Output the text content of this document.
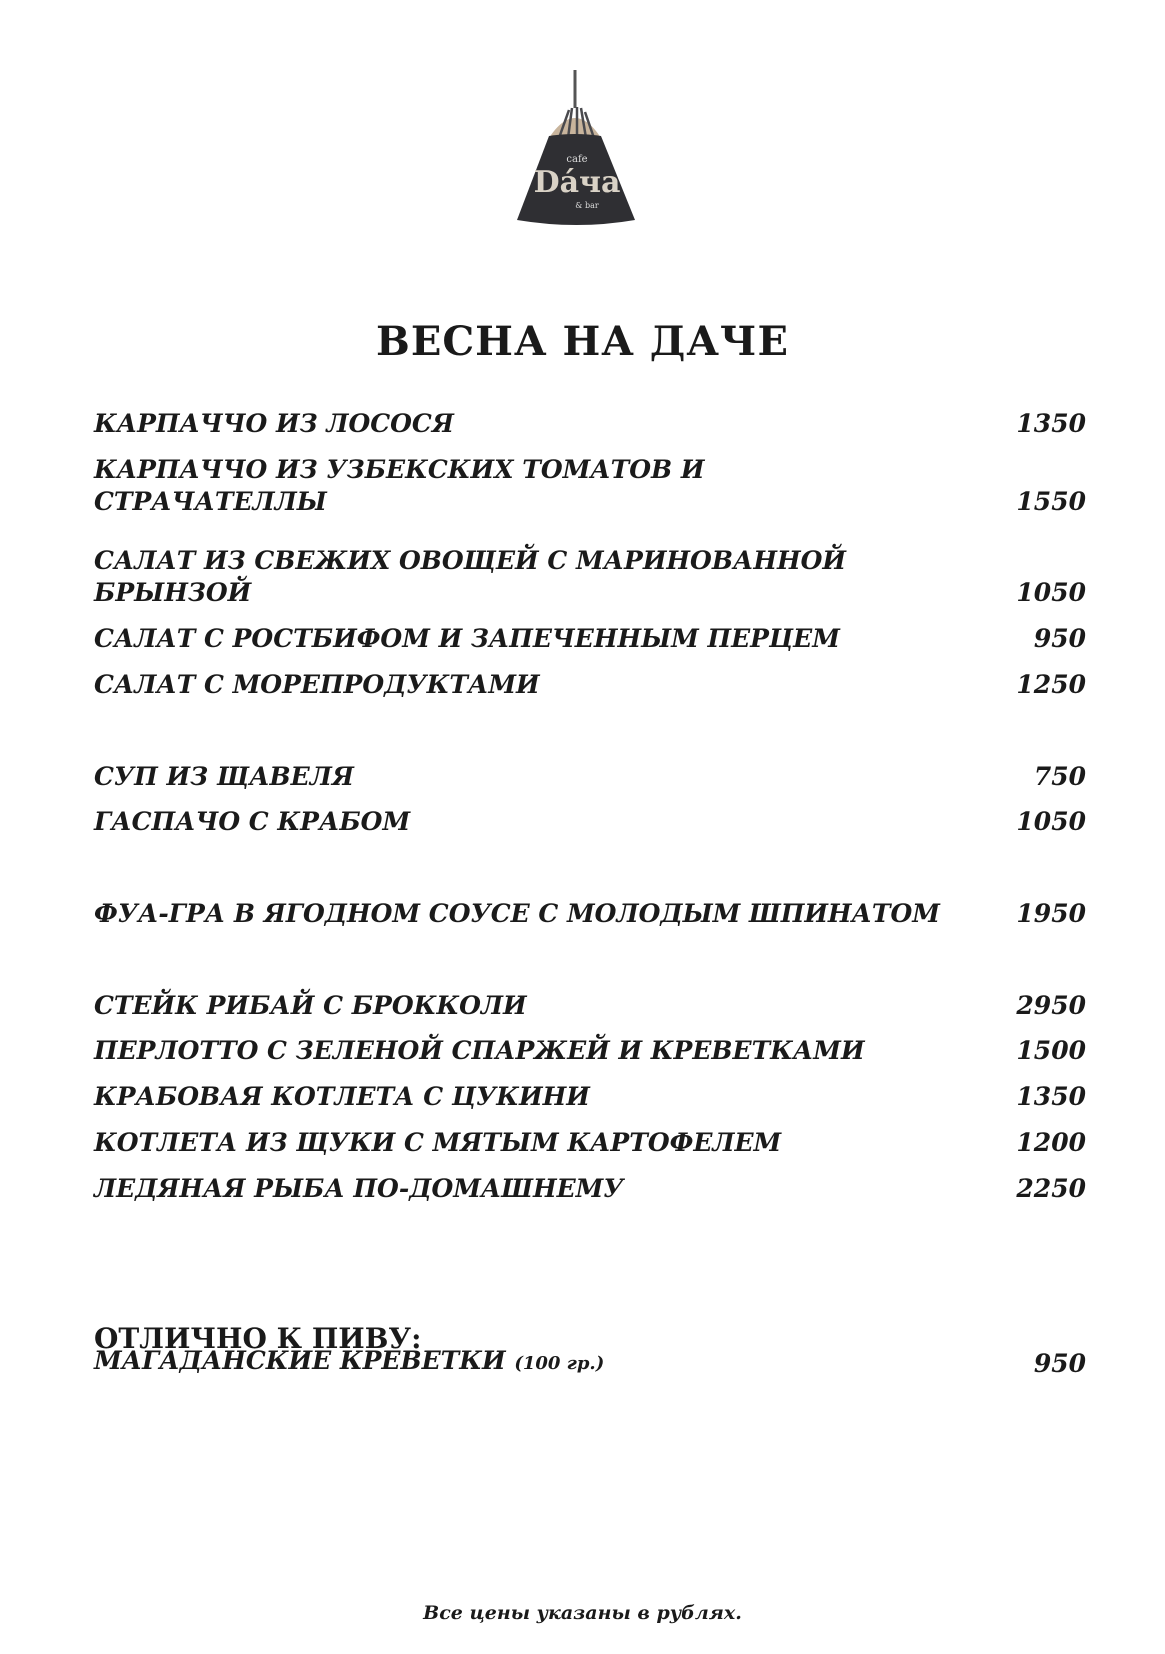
cafe
Dáча
& bar
ВЕСНА НА ДАЧЕ
КАРПАЧЧО ИЗ ЛОСОСЯ	1350
КАРПАЧЧО ИЗ УЗБЕКСКИХ ТОМАТОВ И СТРАЧАТЕЛЛЫ	1550
САЛАТ ИЗ СВЕЖИХ ОВОЩЕЙ С МАРИНОВАННОЙ БРЫНЗОЙ	1050
САЛАТ С РОСТБИФОМ И ЗАПЕЧЕННЫМ ПЕРЦЕМ	950
САЛАТ С МОРЕПРОДУКТАМИ	1250
СУП ИЗ ЩАВЕЛЯ	750
ГАСПАЧО С КРАБОМ	1050
ФУА-ГРА В ЯГОДНОМ СОУСЕ С МОЛОДЫМ ШПИНАТОМ	1950
СТЕЙК РИБАЙ С БРОККОЛИ	2950
ПЕРЛОТТО С ЗЕЛЕНОЙ СПАРЖЕЙ И КРЕВЕТКАМИ	1500
КРАБОВАЯ КОТЛЕТА С ЦУКИНИ	1350
КОТЛЕТА ИЗ ЩУКИ С МЯТЫМ КАРТОФЕЛЕМ	1200
ЛЕДЯНАЯ РЫБА ПО-ДОМАШНЕМУ	2250
ОТЛИЧНО К ПИВУ:
МАГАДАНСКИЕ КРЕВЕТКИ (100 гр.)	950
Все цены указаны в рублях.
